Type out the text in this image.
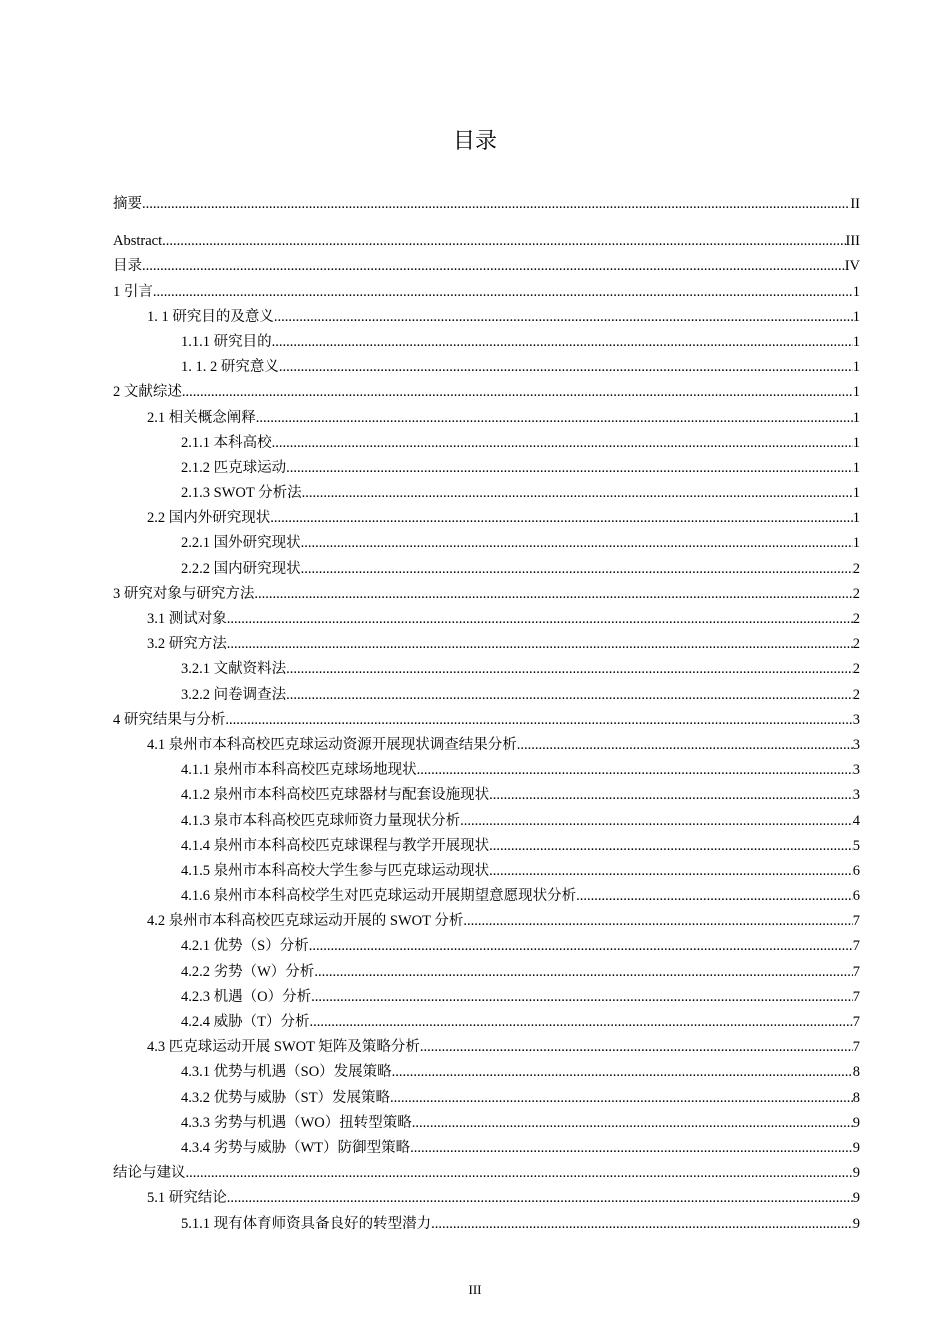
目录
摘要 .....	II
Abstract .....	III
目录 .....	IV
1 引言 .....	1
1. 1 研究目的及意义 .....	1
1.1.1 研究目的 .....	1
1. 1. 2 研究意义 .....	1
2 文献综述 .....	1
2.1 相关概念阐释 .....	1
2.1.1 本科高校 .....	1
2.1.2 匹克球运动 .....	1
2.1.3 SWOT 分析法 .....	1
2.2 国内外研究现状 .....	1
2.2.1 国外研究现状 .....	1
2.2.2 国内研究现状 .....	2
3 研究对象与研究方法 .....	2
3.1 测试对象 .....	2
3.2 研究方法 .....	2
3.2.1 文献资料法 .....	2
3.2.2 问卷调查法 .....	2
4 研究结果与分析 .....	3
4.1 泉州市本科高校匹克球运动资源开展现状调查结果分析 .....	3
4.1.1 泉州市本科高校匹克球场地现状 .....	3
4.1.2 泉州市本科高校匹克球器材与配套设施现状 .....	3
4.1.3 泉市本科高校匹克球师资力量现状分析 .....	4
4.1.4 泉州市本科高校匹克球课程与教学开展现状 .....	5
4.1.5 泉州市本科高校大学生参与匹克球运动现状 .....	6
4.1.6 泉州市本科高校学生对匹克球运动开展期望意愿现状分析 .....	6
4.2 泉州市本科高校匹克球运动开展的 SWOT 分析 .....	7
4.2.1 优势（S）分析 .....	7
4.2.2 劣势（W）分析 .....	7
4.2.3 机遇（O）分析 .....	7
4.2.4 威胁（T）分析 .....	7
4.3 匹克球运动开展 SWOT 矩阵及策略分析 .....	7
4.3.1 优势与机遇（SO）发展策略 .....	8
4.3.2 优势与威胁（ST）发展策略 .....	8
4.3.3 劣势与机遇（WO）扭转型策略 .....	9
4.3.4 劣势与威胁（WT）防御型策略 .....	9
结论与建议 .....	9
5.1 研究结论 .....	9
5.1.1 现有体育师资具备良好的转型潜力 .....	9
III
